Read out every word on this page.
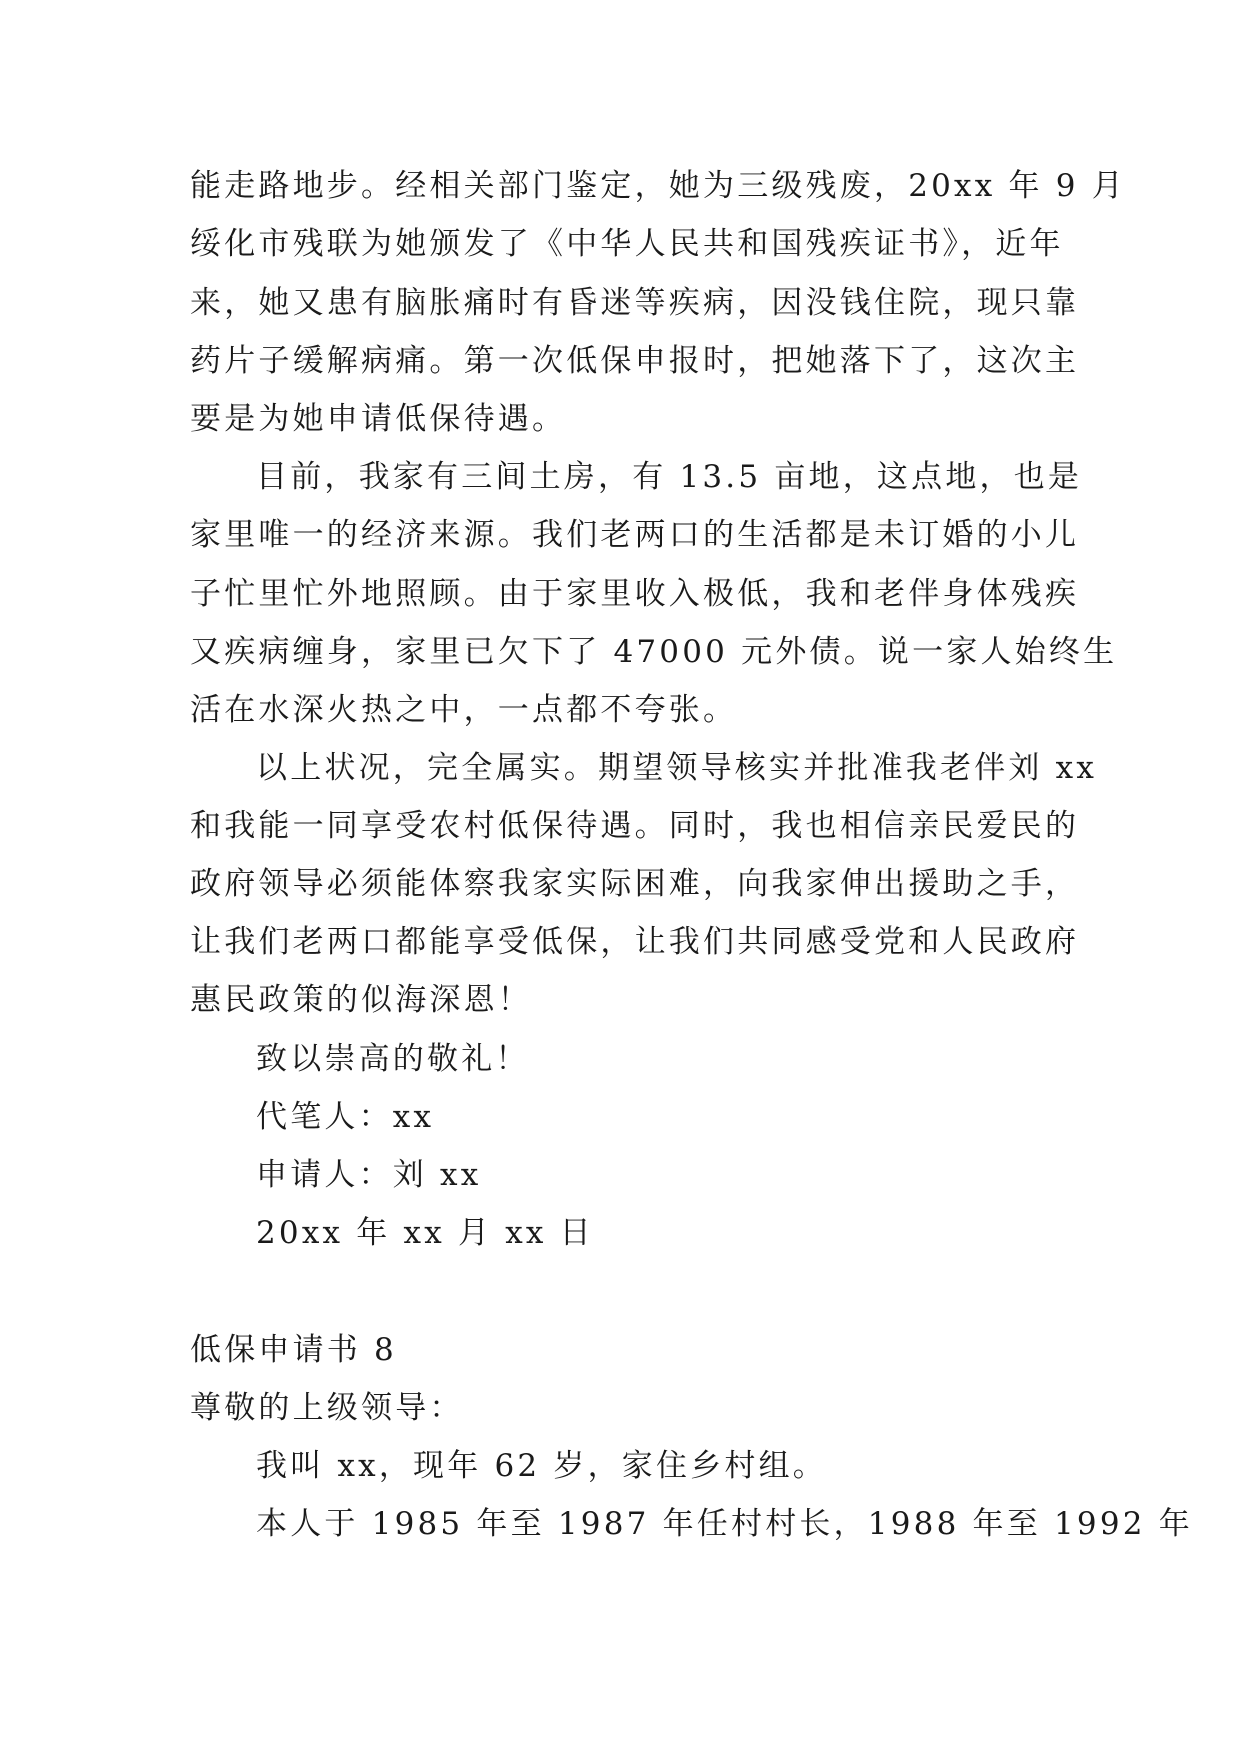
能走路地步。经相关部门鉴定，她为三级残废，20xx 年 9 月
绥化市残联为她颁发了《中华人民共和国残疾证书》，近年
来，她又患有脑胀痛时有昏迷等疾病，因没钱住院，现只靠
药片子缓解病痛。第一次低保申报时，把她落下了，这次主
要是为她申请低保待遇。
目前，我家有三间土房，有 13.5 亩地，这点地，也是
家里唯一的经济来源。我们老两口的生活都是未订婚的小儿
子忙里忙外地照顾。由于家里收入极低，我和老伴身体残疾
又疾病缠身，家里已欠下了 47000 元外债。说一家人始终生
活在水深火热之中，一点都不夸张。
以上状况，完全属实。期望领导核实并批准我老伴刘 xx
和我能一同享受农村低保待遇。同时，我也相信亲民爱民的
政府领导必须能体察我家实际困难，向我家伸出援助之手，
让我们老两口都能享受低保，让我们共同感受党和人民政府
惠民政策的似海深恩！
致以崇高的敬礼！
代笔人：xx
申请人：刘 xx
20xx 年 xx 月 xx 日
低保申请书 8
尊敬的上级领导：
我叫 xx，现年 62 岁，家住乡村组。
本人于 1985 年至 1987 年任村村长，1988 年至 1992 年
